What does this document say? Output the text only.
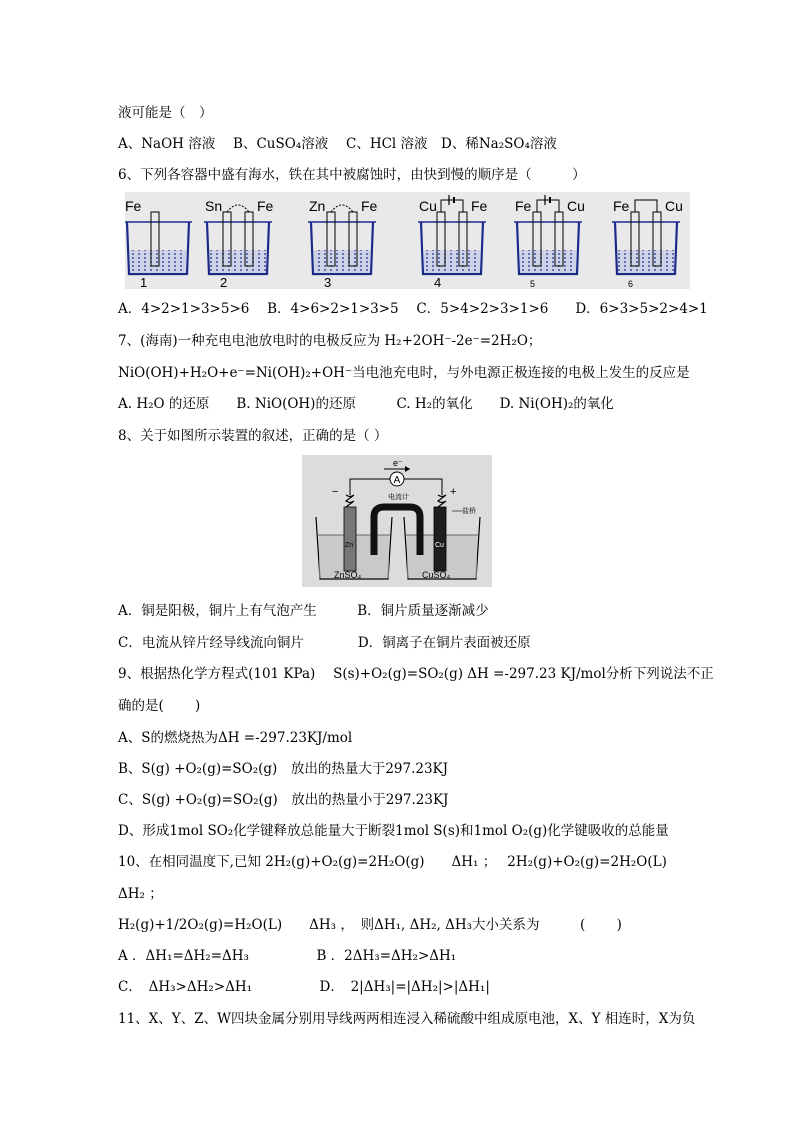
液可能是（　）
A、NaOH 溶液　 B、CuSO₄溶液　 C、HCl 溶液　D、稀Na₂SO₄溶液
6、下列各容器中盛有海水，铁在其中被腐蚀时，由快到慢的顺序是（　　　）
Fe
1
Sn Fe
2
Zn	Fe
3
Cu Fe
4
Fe	Cu
5
Fe	Cu
6
A．4>2>1>3>5>6　 B．4>6>2>1>3>5　 C．5>4>2>3>1>6　　D．6>3>5>2>4>1
7、(海南)一种充电电池放电时的电极反应为 H₂+2OH⁻-2e⁻=2H₂O；
NiO(OH)+H₂O+e⁻=Ni(OH)₂+OH⁻当电池充电时，与外电源正极连接的电极上发生的反应是
A. H₂O 的还原　　B. NiO(OH)的还原　　　C. H₂的氧化　　D. Ni(OH)₂的氧化
8、关于如图所示装置的叙述，正确的是（ ）
A
e⁻
电流计
−	+
盐桥
Zn	Cu
ZnSO₄	CuSO₄
A．铜是阳极，铜片上有气泡产生　　　B．铜片质量逐渐减少
C．电流从锌片经导线流向铜片　　　　D．铜离子在铜片表面被还原
9、根据热化学方程式(101 KPa)　 S(s)+O₂(g)=SO₂(g) ΔH =-297.23 KJ/mol分析下列说法不正
确的是(　　 )
A、S的燃烧热为ΔH =-297.23KJ/mol
B、S(g) +O₂(g)=SO₂(g)　放出的热量大于297.23KJ
C、S(g) +O₂(g)=SO₂(g)　放出的热量小于297.23KJ
D、形成1mol SO₂化学键释放总能量大于断裂1mol S(s)和1mol O₂(g)化学键吸收的总能量
10、在相同温度下,已知 2H₂(g)+O₂(g)=2H₂O(g)　　ΔH₁ ；　 2H₂(g)+O₂(g)=2H₂O(L)
ΔH₂ ；
H₂(g)+1/2O₂(g)=H₂O(L)　　ΔH₃ ，　则ΔH₁, ΔH₂, ΔH₃大小关系为　　　(　　 )
A ．ΔH₁=ΔH₂=ΔH₃　　　　　B ．2ΔH₃=ΔH₂>ΔH₁
C．　ΔH₃>ΔH₂>ΔH₁　　　　　D．　2|ΔH₃|=|ΔH₂|>|ΔH₁|
11、X、Y、Z、W四块金属分别用导线两两相连浸入稀硫酸中组成原电池，X、Y 相连时，X为负
